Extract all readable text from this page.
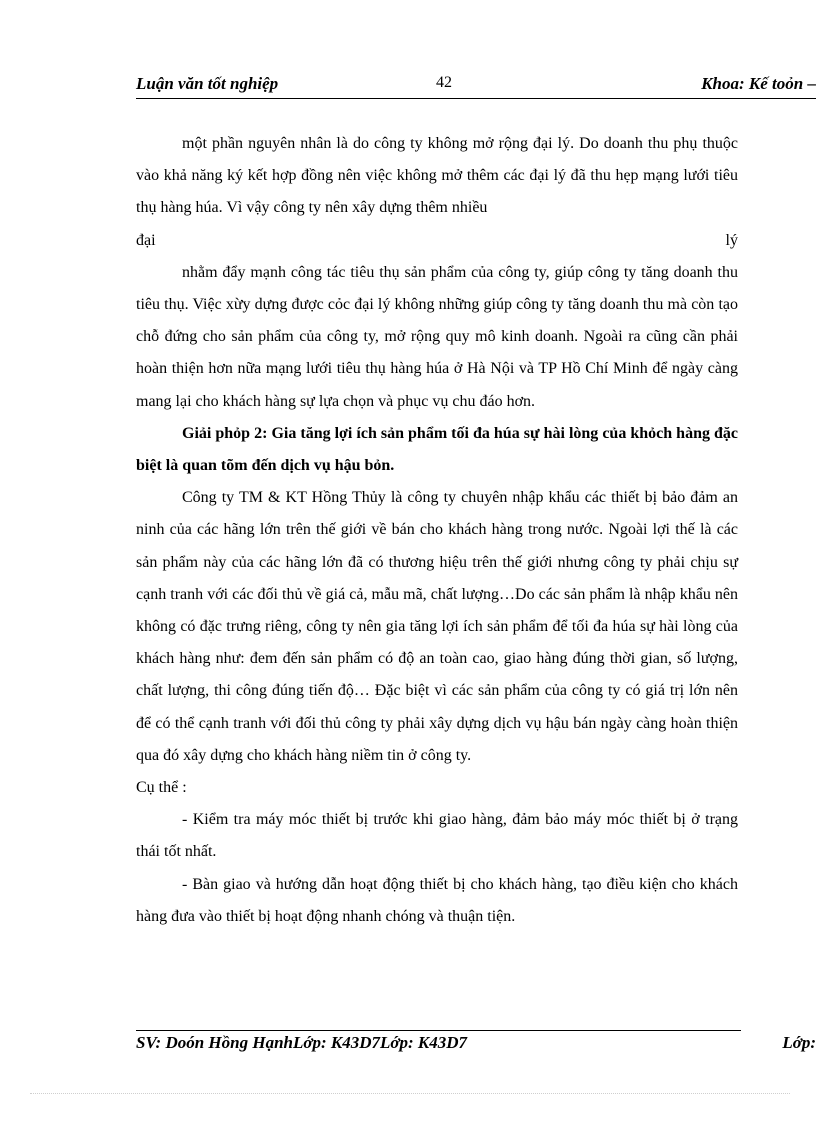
Luận văn tốt nghiệp	42	Khoa: Kế toỏn –

một phần nguyên nhân là do công ty không mở rộng đại lý. Do doanh thu phụ thuộc vào khả năng ký kết hợp đồng nên việc không mở thêm các đại lý đã thu hẹp mạng lưới tiêu thụ hàng húa. Vì vậy công ty nên xây dựng thêm nhiều

đại	lý

nhằm đẩy mạnh công tác tiêu thụ sản phẩm của công ty, giúp công ty tăng doanh thu tiêu thụ. Việc xừy dựng được cỏc đại lý không những giúp công ty tăng doanh thu mà còn tạo chỗ đứng cho sản phẩm của công ty, mở rộng quy mô kinh doanh. Ngoài ra cũng cần phải hoàn thiện hơn nữa mạng lưới tiêu thụ hàng húa ở Hà Nội và TP Hồ Chí Minh để ngày càng mang lại cho khách hàng sự lựa chọn và phục vụ chu đáo hơn.

Giải phỏp 2: Gia tăng lợi ích sản phẩm tối đa húa sự hài lòng của khỏch hàng đặc biệt là quan tõm đến dịch vụ hậu bỏn.

Công ty TM & KT Hồng Thủy là công ty chuyên nhập khẩu các thiết bị bảo đảm an ninh của các hãng lớn trên thế giới về bán cho khách hàng trong nước. Ngoài lợi thế là các sản phẩm này của các hãng lớn đã có thương hiệu trên thế giới nhưng công ty phải chịu sự cạnh tranh với các đối thủ về giá cả, mẫu mã, chất lượng…Do các sản phẩm là nhập khẩu nên không có đặc trưng riêng, công ty nên gia tăng lợi ích sản phẩm để tối đa húa sự hài lòng của khách hàng như: đem đến sản phẩm có độ an toàn cao, giao hàng đúng thời gian, số lượng, chất lượng, thi công đúng tiến độ… Đặc biệt vì các sản phẩm của công ty có giá trị lớn nên để có thể cạnh tranh với đối thủ công ty phải xây dựng dịch vụ hậu bán ngày càng hoàn thiện qua đó xây dựng cho khách hàng niềm tin ở công ty.

Cụ thể :

- Kiểm tra máy móc thiết bị trước khi giao hàng, đảm bảo máy móc thiết bị ở trạng thái tốt nhất.

- Bàn giao và hướng dẫn hoạt động thiết bị cho khách hàng, tạo điều kiện cho khách hàng đưa vào thiết bị hoạt động nhanh chóng và thuận tiện.

SV: Doón Hồng HạnhLớp: K43D7Lớp: K43D7	Lớp:
